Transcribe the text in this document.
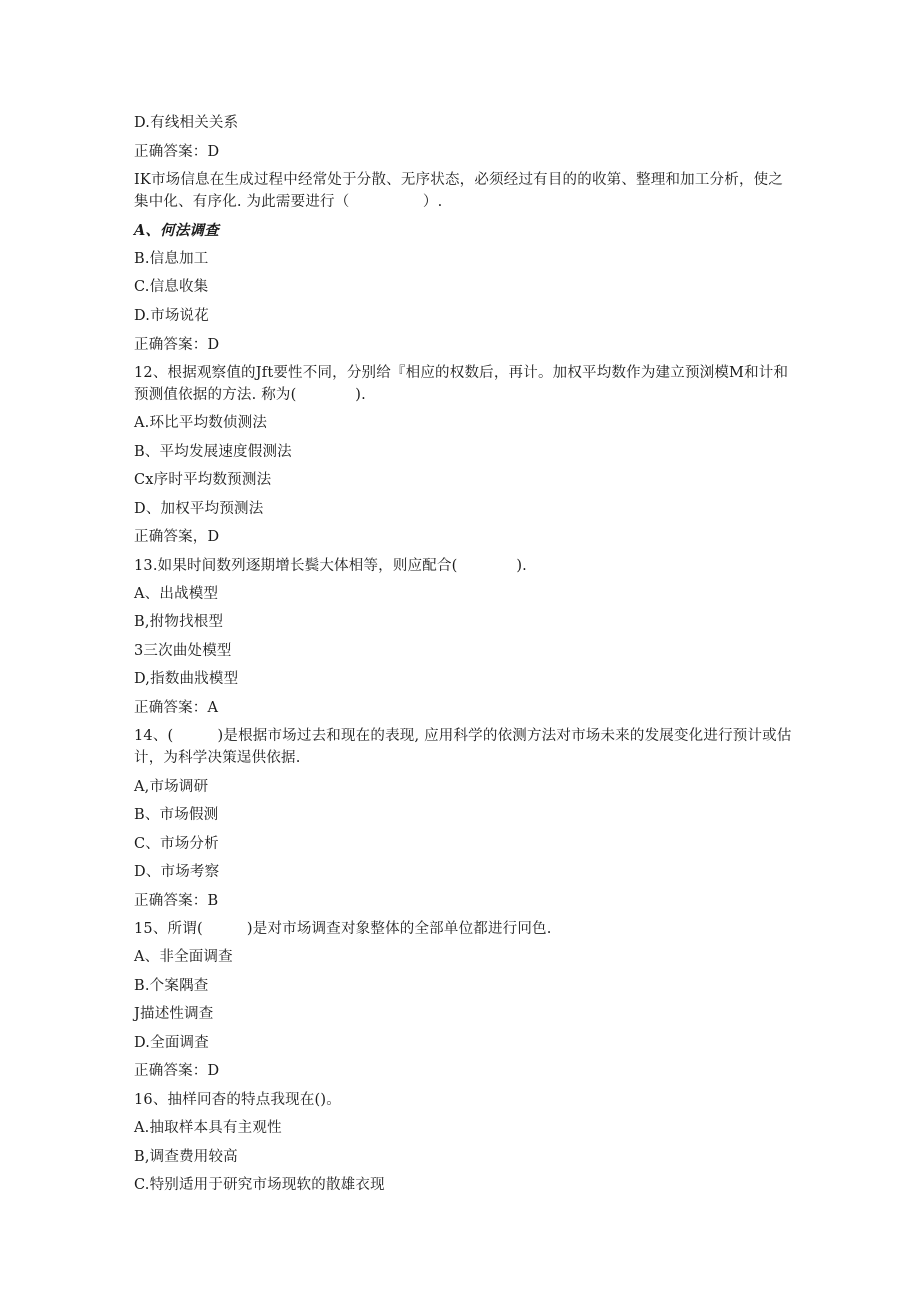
D.有线相关关系
正确答案：D
IK市场信息在生成过程中经常处于分散、无序状态，必须经过有目的的收第、整理和加工分析，使之集中化、有序化. 为此需要进行（　　　　　）.
A、何法调查
B.信息加工
C.信息收集
D.市场说花
正确答案：D
12、根据观察值的Jft要性不同，分别给『相应的权数后，再计。加权平均数作为建立预浏模M和计和预测值依据的方法. 称为(　　　　).
A.环比平均数侦测法
B、平均发展速度假测法
Cx序时平均数预测法
D、加权平均预测法
正确答案，D
13.如果时间数列逐期增长鬓大体相等，则应配合(　　　　).
A、出战模型
B,拊物找根型
3三次曲处模型
D,指数曲戕模型
正确答案：A
14、(　　　)是根据市场过去和现在的表现, 应用科学的依测方法对市场未来的发展变化进行预计或估计，为科学决策逞供依据.
A,市场调研
B、市场假测
C、市场分析
D、市场考察
正确答案：B
15、所谓(　　　)是对市场调查对象整体的全部单位都进行冋色.
A、非全面调查
B.个案隅查
J描述性调查
D.全面调査
正确答案：D
16、抽样冋杳的特点我现在()。
A.抽取样本具有主观性
B,调查费用较高
C.特别适用于研究市场现软的散雄衣现
